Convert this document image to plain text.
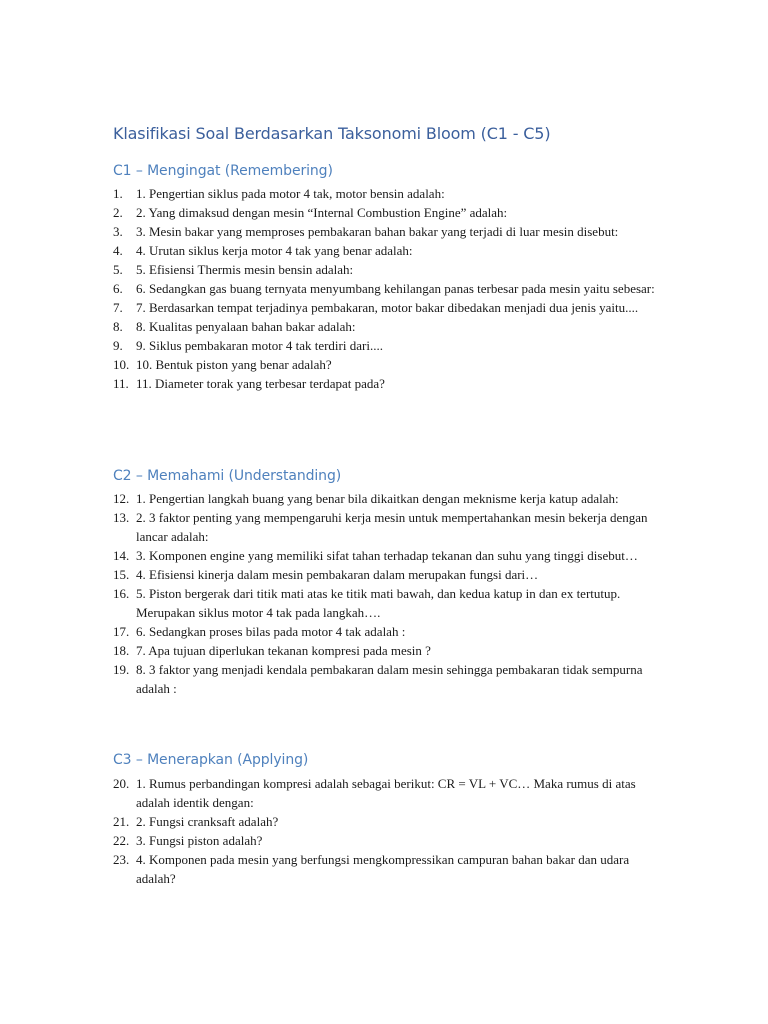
Klasifikasi Soal Berdasarkan Taksonomi Bloom (C1 - C5)
C1 – Mengingat (Remembering)
1. 1. Pengertian siklus pada motor 4 tak, motor bensin adalah:
2. 2. Yang dimaksud dengan mesin “Internal Combustion Engine” adalah:
3. 3. Mesin bakar yang memproses pembakaran bahan bakar yang terjadi di luar mesin disebut:
4. 4. Urutan siklus kerja motor 4 tak yang benar adalah:
5. 5. Efisiensi Thermis mesin bensin adalah:
6. 6. Sedangkan gas buang ternyata menyumbang kehilangan panas terbesar pada mesin yaitu sebesar:
7. 7. Berdasarkan tempat terjadinya pembakaran, motor bakar dibedakan menjadi dua jenis yaitu....
8. 8. Kualitas penyalaan bahan bakar adalah:
9. 9. Siklus pembakaran motor 4 tak terdiri dari....
10. 10. Bentuk piston yang benar adalah?
11. 11. Diameter torak yang terbesar terdapat pada?
C2 – Memahami (Understanding)
12. 1. Pengertian langkah buang yang benar bila dikaitkan dengan meknisme kerja katup adalah:
13. 2. 3 faktor penting yang mempengaruhi kerja mesin untuk mempertahankan mesin bekerja dengan lancar adalah:
14. 3. Komponen engine yang memiliki sifat tahan terhadap tekanan dan suhu yang tinggi disebut…
15. 4. Efisiensi kinerja dalam mesin pembakaran dalam merupakan fungsi dari…
16. 5. Piston bergerak dari titik mati atas ke titik mati bawah, dan kedua katup in dan ex tertutup. Merupakan siklus motor 4 tak pada langkah….
17. 6. Sedangkan proses bilas pada motor 4 tak adalah :
18. 7. Apa tujuan diperlukan tekanan kompresi pada mesin ?
19. 8. 3 faktor yang menjadi kendala pembakaran dalam mesin sehingga pembakaran tidak sempurna adalah :
C3 – Menerapkan (Applying)
20. 1. Rumus perbandingan kompresi adalah sebagai berikut: CR = VL + VC… Maka rumus di atas adalah identik dengan:
21. 2. Fungsi cranksaft adalah?
22. 3. Fungsi piston adalah?
23. 4. Komponen pada mesin yang berfungsi mengkompressikan campuran bahan bakar dan udara adalah?
